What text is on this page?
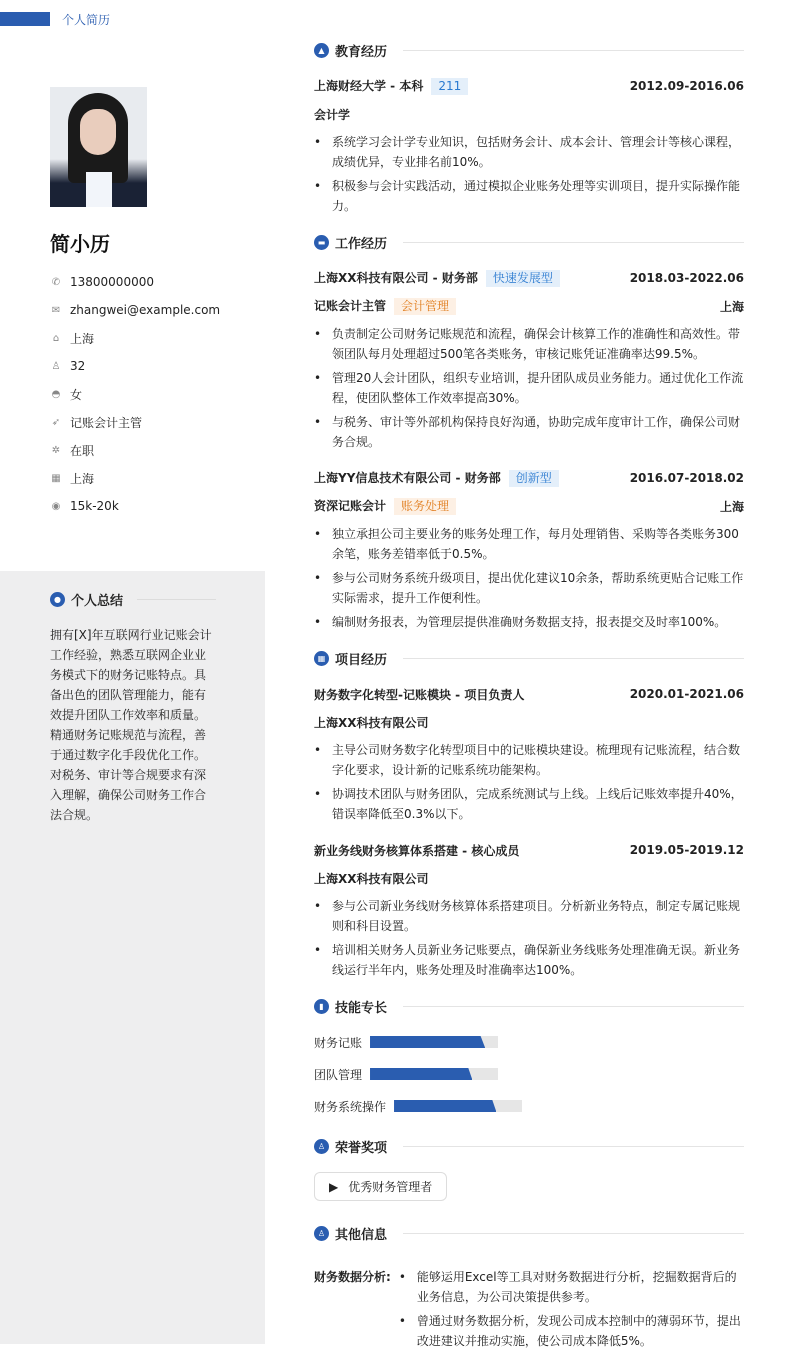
个人简历
简小历
✆ 13800000000
✉ zhangwei@example.com
⌂ 上海
♙ 32
◓ 女
➶ 记账会计主管
✲ 在职
▦ 上海
◉ 15k-20k
● 个人总结
拥有[X]年互联网行业记账会计工作经验，熟悉互联网企业业务模式下的财务记账特点。具备出色的团队管理能力，能有效提升团队工作效率和质量。精通财务记账规范与流程，善于通过数字化手段优化工作。对税务、审计等合规要求有深入理解，确保公司财务工作合法合规。
▲ 教育经历
上海财经大学 - 本科 211	2012.09-2016.06
会计学
• 系统学习会计学专业知识，包括财务会计、成本会计、管理会计等核心课程，成绩优异，专业排名前10%。
• 积极参与会计实践活动，通过模拟企业账务处理等实训项目，提升实际操作能力。
▬ 工作经历
上海XX科技有限公司 - 财务部 快速发展型	2018.03-2022.06
记账会计主管 会计管理	上海
• 负责制定公司财务记账规范和流程，确保会计核算工作的准确性和高效性。带领团队每月处理超过500笔各类账务，审核记账凭证准确率达99.5%。
• 管理20人会计团队，组织专业培训，提升团队成员业务能力。通过优化工作流程，使团队整体工作效率提高30%。
• 与税务、审计等外部机构保持良好沟通，协助完成年度审计工作，确保公司财务合规。
上海YY信息技术有限公司 - 财务部 创新型	2016.07-2018.02
资深记账会计 账务处理	上海
• 独立承担公司主要业务的账务处理工作，每月处理销售、采购等各类账务300余笔，账务差错率低于0.5%。
• 参与公司财务系统升级项目，提出优化建议10余条，帮助系统更贴合记账工作实际需求，提升工作便利性。
• 编制财务报表，为管理层提供准确财务数据支持，报表提交及时率100%。
▦ 项目经历
财务数字化转型-记账模块 - 项目负责人	2020.01-2021.06
上海XX科技有限公司
• 主导公司财务数字化转型项目中的记账模块建设。梳理现有记账流程，结合数字化要求，设计新的记账系统功能架构。
• 协调技术团队与财务团队，完成系统测试与上线。上线后记账效率提升40%，错误率降低至0.3%以下。
新业务线财务核算体系搭建 - 核心成员	2019.05-2019.12
上海XX科技有限公司
• 参与公司新业务线财务核算体系搭建项目。分析新业务特点，制定专属记账规则和科目设置。
• 培训相关财务人员新业务记账要点，确保新业务线账务处理准确无误。新业务线运行半年内，账务处理及时准确率达100%。
▮ 技能专长
财务记账
团队管理
财务系统操作
♙ 荣誉奖项
▶ 优秀财务管理者
♙ 其他信息
财务数据分析:	• 能够运用Excel等工具对财务数据进行分析，挖掘数据背后的业务信息，为公司决策提供参考。
• 曾通过财务数据分析，发现公司成本控制中的薄弱环节，提出改进建议并推动实施，使公司成本降低5%。
